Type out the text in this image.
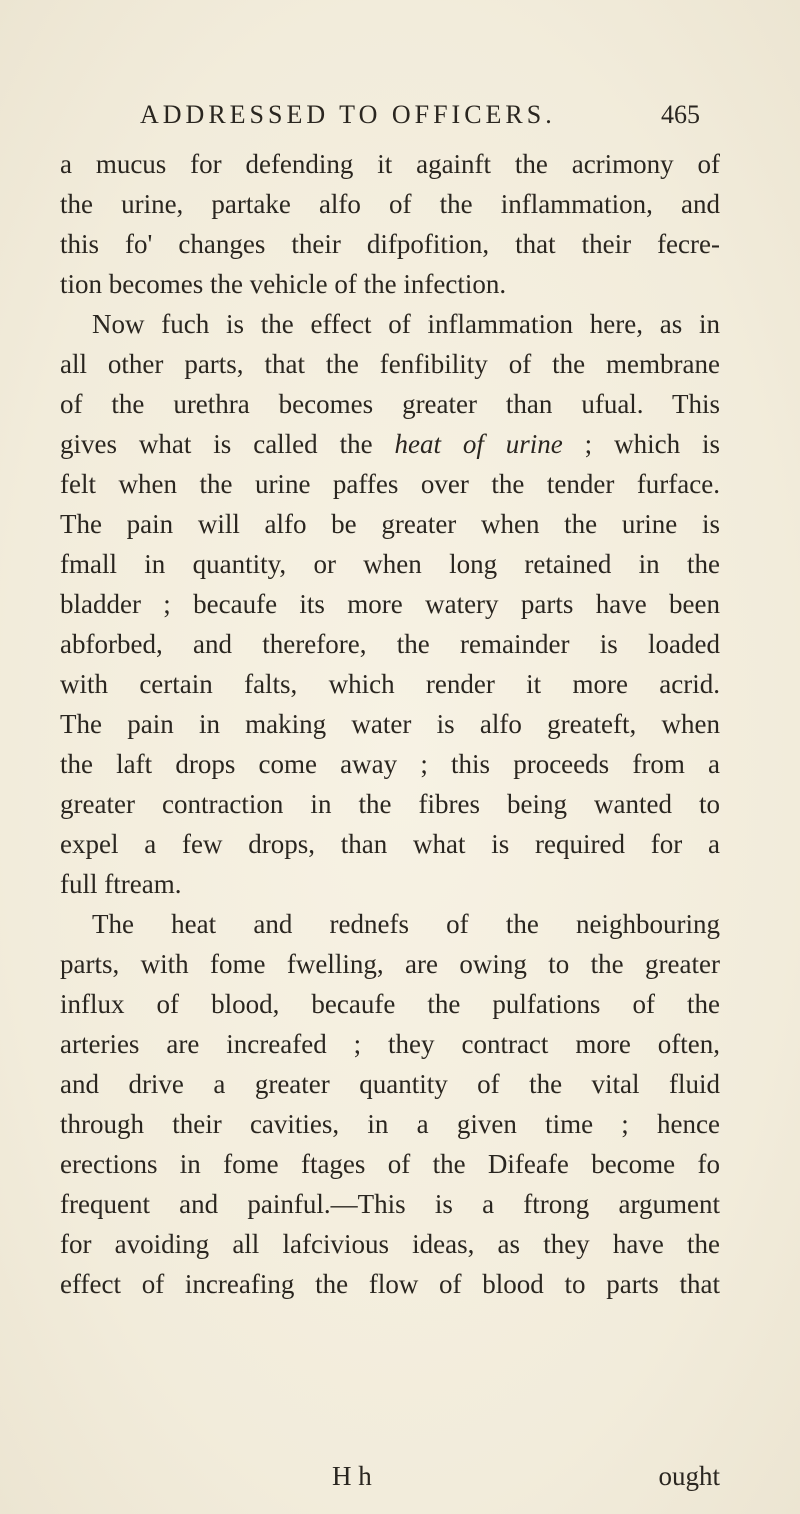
ADDRESSED TO OFFICERS.	465
a mucus for defending it againft the acrimony of
the urine, partake alfo of the inflammation, and
this fo' changes their difpofition, that their fecre-
tion becomes the vehicle of the infection.
Now fuch is the effect of inflammation here, as in
all other parts, that the fenfibility of the membrane
of the urethra becomes greater than ufual. This
gives what is called the heat of urine ; which is
felt when the urine paffes over the tender furface.
The pain will alfo be greater when the urine is
fmall in quantity, or when long retained in the
bladder ; becaufe its more watery parts have been
abforbed, and therefore, the remainder is loaded
with certain falts, which render it more acrid.
The pain in making water is alfo greateft, when
the laft drops come away ; this proceeds from a
greater contraction in the fibres being wanted to
expel a few drops, than what is required for a
full ftream.
The heat and rednefs of the neighbouring
parts, with fome fwelling, are owing to the greater
influx of blood, becaufe the pulfations of the
arteries are increafed ; they contract more often,
and drive a greater quantity of the vital fluid
through their cavities, in a given time ; hence
erections in fome ftages of the Difeafe become fo
frequent and painful.—This is a ftrong argument
for avoiding all lafcivious ideas, as they have the
effect of increafing the flow of blood to parts that
H h	ought
